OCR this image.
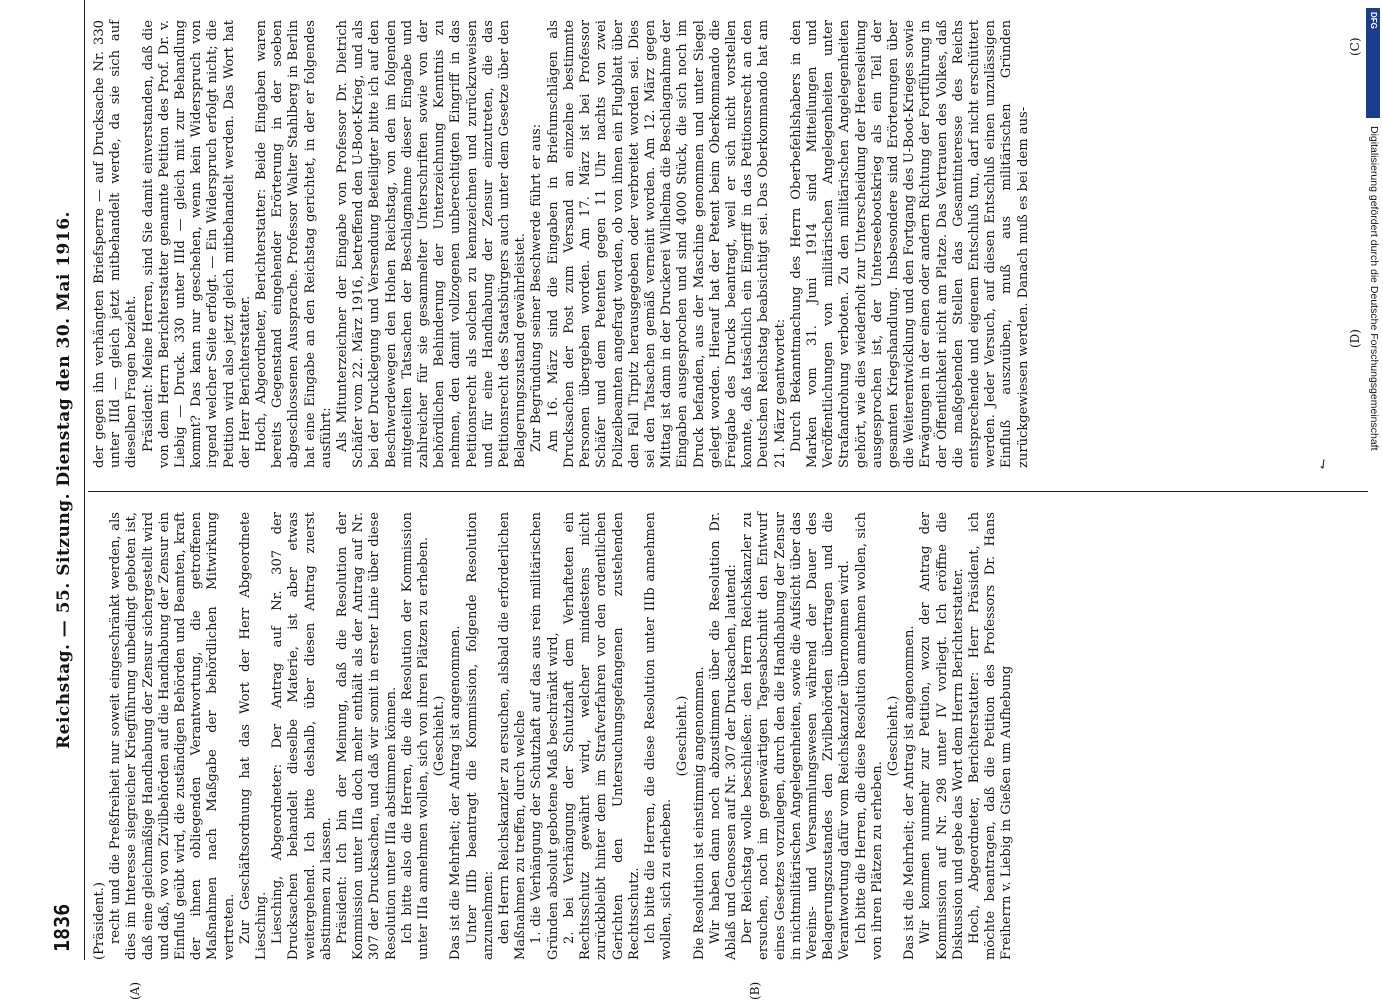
1836
Reichstag. — 55. Sitzung. Dienstag den 30. Mai 1916.

(Präsident.) recht und die Preßfreiheit nur soweit eingeschränkt werden, als dies im Interesse siegreicher Kriegführung unbedingt geboten ist, daß eine gleichmäßige Handhabung der Zensur sichergestellt wird und daß, wo von Zivilbehörden auf die Handhabung der Zensur ein Einfluß geübt wird, die zuständigen Behörden und Beamten, kraft der ihnen obliegenden Verantwortung, die getroffenen Maßnahmen nach Maßgabe der behördlichen Mitwirkung vertreten. Zur Geschäftsordnung hat das Wort der Herr Abgeordnete Liesching. Liesching, Abgeordneter: Der Antrag auf Nr. 307 der Drucksachen behandelt dieselbe Materie, ist aber etwas weitergehend. Ich bitte deshalb, über diesen Antrag zuerst abstimmen zu lassen. Präsident: Ich bin der Meinung, daß die Resolution der Kommission unter IIIa doch mehr enthält als der Antrag auf Nr. 307 der Drucksachen, und daß wir somit in erster Linie über diese Resolution unter IIIa abstimmen können. Ich bitte also die Herren, die die Resolution der Kommission unter IIIa annehmen wollen, sich von ihren Plätzen zu erheben. (Geschieht.) Das ist die Mehrheit; der Antrag ist angenommen. Unter IIIb beantragt die Kommission, folgende Resolution anzunehmen: den Herrn Reichskanzler zu ersuchen, alsbald die erforderlichen Maßnahmen zu treffen, durch welche 1. die Verhängung der Schutzhaft auf das aus rein militärischen Gründen absolut gebotene Maß beschränkt wird, 2. bei Verhängung der Schutzhaft dem Verhafteten ein Rechtsschutz gewährt wird, welcher mindestens nicht zurückbleibt hinter dem im Strafverfahren vor den ordentlichen Gerichten den Untersuchungsgefangenen zustehenden Rechtsschutz. Ich bitte die Herren, die diese Resolution unter IIIb annehmen wollen, sich zu erheben.

(Geschieht.) Die Resolution ist einstimmig angenommen. Wir haben dann noch abzustimmen über die Resolution Dr. Ablaß und Genossen auf Nr. 307 der Drucksachen, lautend: Der Reichstag wolle beschließen: den Herrn Reichskanzler zu ersuchen, noch im gegenwärtigen Tagesabschnitt den Entwurf eines Gesetzes vorzulegen, durch den die Handhabung der Zensur in nichtmilitärischen Angelegenheiten, sowie die Aufsicht über das Vereins- und Versammlungswesen während der Dauer des Belagerungszustandes den Zivilbehörden übertragen und die Verantwortung dafür vom Reichskanzler übernommen wird. Ich bitte die Herren, die diese Resolution annehmen wollen, sich von ihren Plätzen zu erheben.

(Geschieht.) Das ist die Mehrheit; der Antrag ist angenommen. Wir kommen nunmehr zur Petition, wozu der Antrag der Kommission auf Nr. 298 unter IV vorliegt. Ich eröffne die Diskussion und gebe das Wort dem Herrn Berichterstatter. Hoch, Abgeordneter, Berichterstatter: Herr Präsident, ich möchte beantragen, daß die Petition des Professors Dr. Hans Freiherrn v. Liebig in Gießen um Aufhebung

der gegen ihn verhängten Briefsperre — auf Drucksache Nr. 330 unter IIId — gleich jetzt mitbehandelt werde, da sie sich auf dieselben Fragen bezieht. Präsident: Meine Herren, sind Sie damit einverstanden, daß die von dem Herrn Berichterstatter genannte Petition des Prof. Dr. v. Liebig — Druck. 330 unter IIId — gleich mit zur Behandlung kommt? Das kann nur geschehen, wenn kein Widerspruch von irgend welcher Seite erfolgt. — Ein Widerspruch erfolgt nicht; die Petition wird also jetzt gleich mitbehandelt werden. Das Wort hat der Herr Berichterstatter. Hoch, Abgeordneter, Berichterstatter: Beide Eingaben waren bereits Gegenstand eingehender Erörterung in der soeben abgeschlossenen Aussprache. Professor Walter Stahlberg in Berlin hat eine Eingabe an den Reichstag gerichtet, in der er folgendes ausführt: Als Mitunterzeichner der Eingabe von Professor Dr. Dietrich Schäfer vom 22. März 1916, betreffend den U-Boot-Krieg, und als bei der Drucklegung und Versendung Beteiligter bitte ich auf den Beschwerdewegen den Hohen Reichstag, von den im folgenden mitgeteilten Tatsachen der Beschlagnahme dieser Eingabe und zahlreicher für sie gesammelter Unterschriften sowie von der behördlichen Behinderung der Unterzeichnung Kenntnis zu nehmen, den damit vollzogenen unberechtigten Eingriff in das Petitionsrecht als solchen zu kennzeichnen und zurückzuweisen und für eine Handhabung der Zensur einzutreten, die das Petitionsrecht des Staatsbürgers auch unter dem Gesetze über den Belagerungszustand gewährleistet. Zur Begründung seiner Beschwerde führt er aus: Am 16. März sind die Eingaben in Briefumschlägen als Drucksachen der Post zum Versand an einzelne bestimmte Personen übergeben worden. Am 17. März ist bei Professor Schäfer und dem Petenten gegen 11 Uhr nachts von zwei Polizeibeamten angefragt worden, ob von ihnen ein Flugblatt über den Fall Tirpitz herausgegeben oder verbreitet worden sei. Dies sei den Tatsachen gemäß verneint worden. Am 12. März gegen Mittag ist dann in der Druckerei Wilhelma die Beschlagnahme der Eingaben ausgesprochen und sind 4000 Stück, die sich noch im Druck befanden, aus der Maschine genommen und unter Siegel gelegt worden. Hierauf hat der Petent beim Oberkommando die Freigabe des Drucks beantragt, weil er sich nicht vorstellen konnte, daß tatsächlich ein Eingriff in das Petitionsrecht an den Deutschen Reichstag beabsichtigt sei. Das Oberkommando hat am 21. März geantwortet: Durch Bekanntmachung des Herrn Oberbefehlshabers in den Marken vom 31. Juni 1914 sind Mitteilungen und Veröffentlichungen von militärischen Angelegenheiten unter Strafandrohung verboten. Zu den militärischen Angelegenheiten gehört, wie dies wiederholt zur Unterscheidung der Heeresleitung ausgesprochen ist, der Unterseebootskrieg als ein Teil der gesamten Kriegshandlung. Insbesondere sind Erörterungen über die Weiterentwicklung und den Fortgang des U-Boot-Krieges sowie Erwägungen in der einen oder andern Richtung der Fortführung in der Öffentlichkeit nicht am Platze. Das Vertrauen des Volkes, daß die maßgebenden Stellen das Gesamtinteresse des Reichs entsprechende und eigenem Entschluß tun, darf nicht erschüttert werden. Jeder Versuch, auf diesen Entschluß einen unzulässigen Einfluß auszuüben, muß aus militärischen Gründen zurückgewiesen werden. Danach muß es bei dem aus-

(A)	(B)
(C)
(D)
✓
DFG
Digitalisierung gefördert durch die Deutsche Forschungsgemeinschaft
